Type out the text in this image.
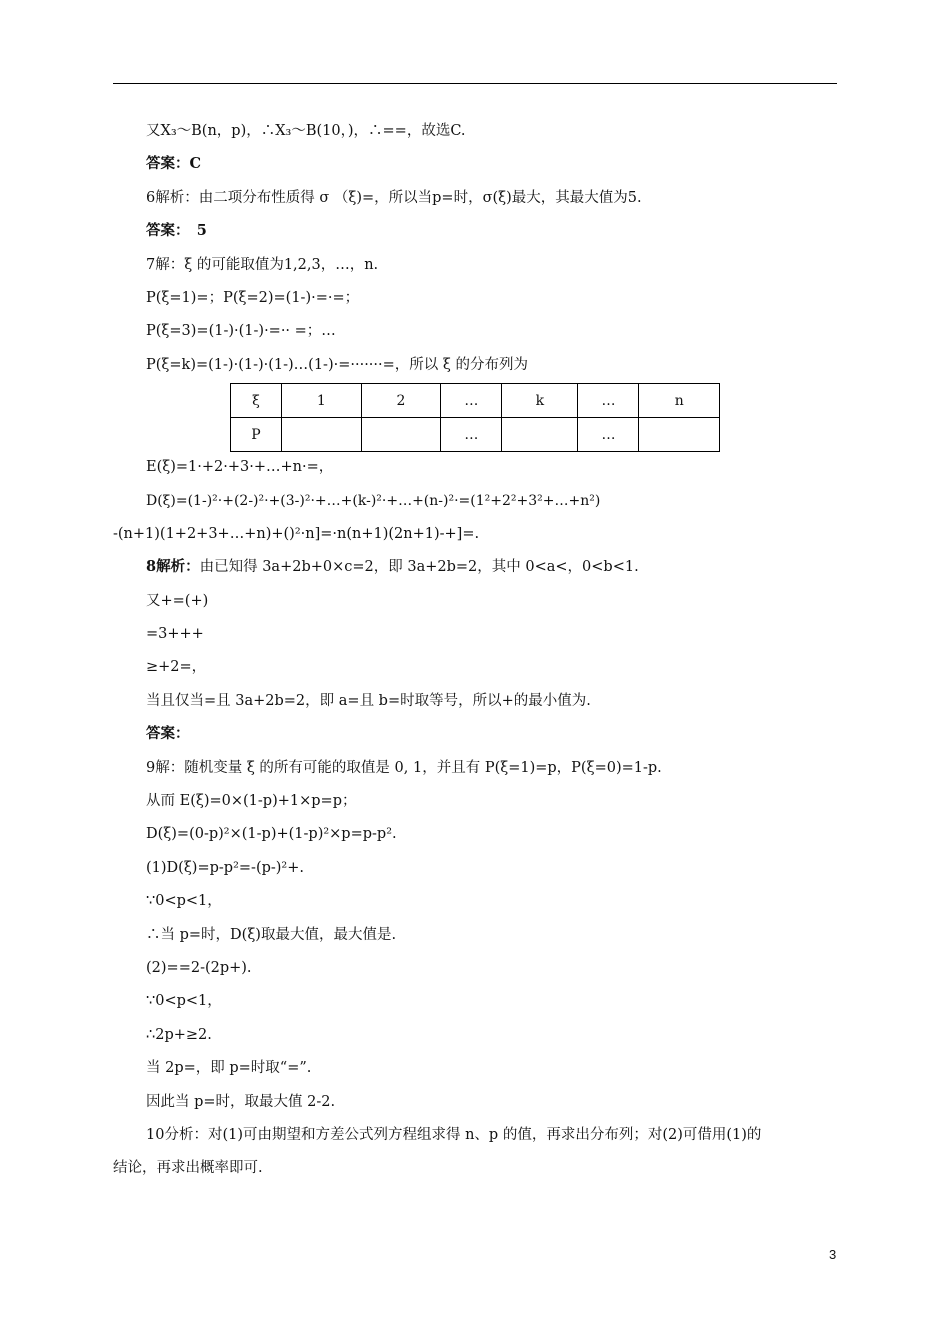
又X₃～B(n，p)，∴X₃～B(10，)，∴==，故选C.

答案：C

6解析：由二项分布性质得 σ （ξ)=，所以当p=时，σ(ξ)最大，其最大值为5.

答案：　5

7解：ξ 的可能取值为1,2,3，…，n.

P(ξ=1)=；P(ξ=2)=(1-)·=·=；

P(ξ=3)=(1-)·(1-)·=·· =；…

P(ξ=k)=(1-)·(1-)·(1-)…(1-)·=·······=，所以 ξ 的分布列为

ξ	1	2	…	k	…	n
P			…		…	

E(ξ)=1·+2·+3·+…+n·=，

D(ξ)=(1-)²·+(2-)²·+(3-)²·+…+(k-)²·+…+(n-)²·=(1²+2²+3²+…+n²)

-(n+1)(1+2+3+…+n)+()²·n]=·n(n+1)(2n+1)-+]=.

8解析：由已知得 3a+2b+0×c=2，即 3a+2b=2，其中 0<a<，0<b<1.

又+=(+)

=3+++

≥+2=，

当且仅当=且 3a+2b=2，即 a=且 b=时取等号，所以+的最小值为.

答案：

9解：随机变量 ξ 的所有可能的取值是 0, 1，并且有 P(ξ=1)=p，P(ξ=0)=1-p.

从而 E(ξ)=0×(1-p)+1×p=p；

D(ξ)=(0-p)²×(1-p)+(1-p)²×p=p-p².

(1)D(ξ)=p-p²=-(p-)²+.

∵0<p<1，

∴当 p=时，D(ξ)取最大值，最大值是.

(2)==2-(2p+).

∵0<p<1，

∴2p+≥2.

当 2p=，即 p=时取“=”.

因此当 p=时，取最大值 2-2.

10分析：对(1)可由期望和方差公式列方程组求得 n、p 的值，再求出分布列；对(2)可借用(1)的

结论，再求出概率即可.

3
